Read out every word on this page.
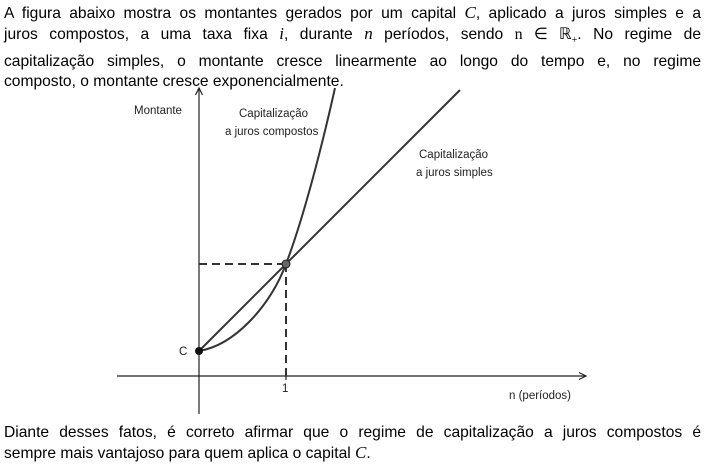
A figura abaixo mostra os montantes gerados por um capital C, aplicado a juros simples e a
juros compostos, a uma taxa fixa i, durante n períodos, sendo n ∈ ℝ$_+$. No regime de
capitalização simples, o montante cresce linearmente ao longo do tempo e, no regime
composto, o montante cresce exponencialmente.
Montante
n (períodos)
Capitalização
a juros compostos
Capitalização
a juros simples
C
1
Diante desses fatos, é correto afirmar que o regime de capitalização a juros compostos é
sempre mais vantajoso para quem aplica o capital C.
